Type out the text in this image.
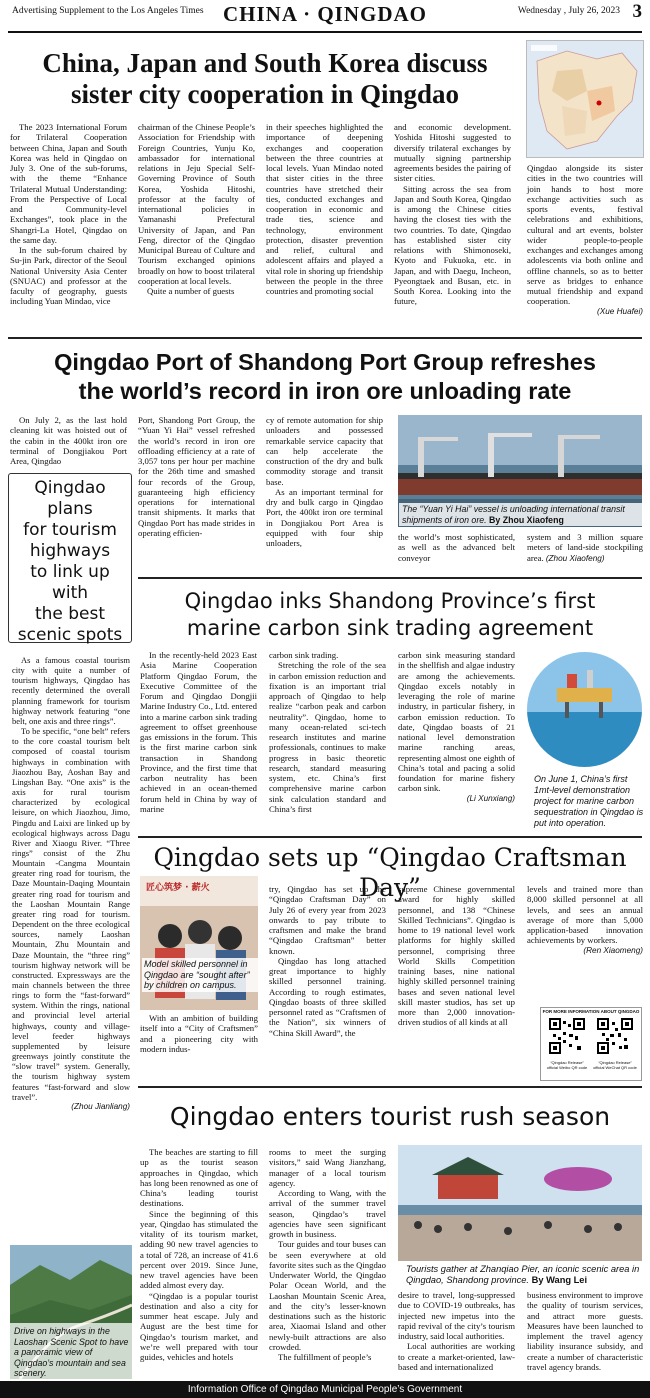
Advertising Supplement to the Los Angeles Times CHINA · QINGDAO	Wednesday , July 26, 2023 3
China, Japan and South Korea discuss
sister city cooperation in Qingdao

The 2023 International Forum for Trilateral Cooperation between China, Japan and South Korea was held in Qingdao on July 3. One of the sub-forums, with the theme “Enhance Trilateral Mutual Understanding: From the Perspective of Local and Community-level Exchanges”, took place in the Shangri-La Hotel, Qingdao on the same day.

In the sub-forum chaired by Su-jin Park, director of the Seoul National University Asia Center (SNUAC) and professor at the faculty of geography, guests including Yuan Mindao, vice

chairman of the Chinese People’s Association for Friendship with Foreign Countries, Yunju Ko, ambassador for international relations in Jeju Special Self-Governing Province of South Korea, Yoshida Hitoshi, professor at the faculty of international policies in Yamanashi Prefectural University of Japan, and Pan Feng, director of the Qingdao Municipal Bureau of Culture and Tourism exchanged opinions broadly on how to boost trilateral cooperation at local levels.

Quite a number of guests

in their speeches highlighted the importance of deepening exchanges and cooperation between the three countries at local levels. Yuan Mindao noted that sister cities in the three countries have stretched their ties, conducted exchanges and cooperation in economic and trade ties, science and technology, environment protection, disaster prevention and relief, cultural and adolescent affairs and played a vital role in shoring up friendship between the people in the three countries and promoting social

and economic development. Yoshida Hitoshi suggested to diversify trilateral exchanges by mutually signing partnership agreements besides the pairing of sister cities.

Sitting across the sea from Japan and South Korea, Qingdao is among the Chinese cities having the closest ties with the two countries. To date, Qingdao has established sister city relations with Shimonoseki, Kyoto and Fukuoka, etc. in Japan, and with Daegu, Incheon, Pyeongtaek and Busan, etc. in South Korea. Looking into the future,

Qingdao alongside its sister cities in the two countries will join hands to host more exchange activities such as sports events, festival celebrations and exhibitions, cultural and art events, bolster wider people-to-people exchanges and exchanges among adolescents via both online and offline channels, so as to better serve as bridges to enhance mutual friendship and expand cooperation.

(Xue Huafei)
Qingdao Port of Shandong Port Group refreshes
the world’s record in iron ore unloading rate

On July 2, as the last hold cleaning kit was hoisted out of the cabin in the 400kt iron ore terminal of Dongjiakou Port Area, Qingdao

Port, Shandong Port Group, the “Yuan Yi Hai” vessel refreshed the world’s record in iron ore offloading efficiency at a rate of 3,057 tons per hour per machine for the 26th time and smashed four records of the Group, guaranteeing high efficiency operations for international transit shipments. It marks that Qingdao Port has made strides in operating efficien-

cy of remote automation for ship unloaders and possessed remarkable service capacity that can help accelerate the construction of the dry and bulk commodity storage and transit base.

As an important terminal for dry and bulk cargo in Qingdao Port, the 400kt iron ore terminal in Dongjiakou Port Area is equipped with four ship unloaders,

The “Yuan Yi Hai” vessel is unloading international transit shipments of iron ore. By Zhou Xiaofeng

the world’s most sophisticated, as well as the advanced belt conveyor

system and 3 million square meters of land-side stockpiling area. (Zhou Xiaofeng)

Qingdao
plans
for tourism
highways
to link up
with
the best
scenic spots

As a famous coastal tourism city with quite a number of tourism highways, Qingdao has recently determined the overall planning framework for tourism highway network featuring “one belt, one axis and three rings”.

To be specific, “one belt” refers to the core coastal tourism belt composed of coastal tourism highways in combination with Jiaozhou Bay, Aoshan Bay and Lingshan Bay. “One axis” is the axis for rural tourism characterized by ecological leisure, on which Jiaozhou, Jimo, Pingdu and Laixi are linked up by ecological highways across Dagu River and Xiaogu River. “Three rings” consist of the Zhu Mountain -Cangma Mountain greater ring road for tourism, the Daze Mountain-Daqing Mountain greater ring road for tourism and the Laoshan Mountain Range greater ring road for tourism. Dependent on the three ecological sources, namely Laoshan Mountain, Zhu Mountain and Daze Mountain, the “three ring” tourism highway network will be constructed. Expressways are the main channels between the three rings to form the “fast-forward” system. Within the rings, national and provincial level arterial highways, county and village-level feeder highways supplemented by leisure greenways jointly constitute the “slow travel” system. Generally, the tourism highway system features “fast-forward and slow travel”.

(Zhou Jianliang)
Drive on highways in the Laoshan Scenic Spot to have a panoramic view of Qingdao’s mountain and sea scenery.
Qingdao inks Shandong Province’s first
marine carbon sink trading agreement

In the recently-held 2023 East Asia Marine Cooperation Platform Qingdao Forum, the Executive Committee of the Forum and Qingdao Dongjii Marine Industry Co., Ltd. entered into a marine carbon sink trading agreement to offset greenhouse gas emissions in the forum. This is the first marine carbon sink transaction in Shandong Province, and the first time that carbon neutrality has been achieved in an ocean-themed forum held in China by way of marine

carbon sink trading.

Stretching the role of the sea in carbon emission reduction and fixation is an important trial approach of Qingdao to help realize “carbon peak and carbon neutrality”. Qingdao, home to many ocean-related sci-tech research institutes and marine professionals, continues to make progress in basic theoretic research, standard measuring system, etc. China’s first comprehensive marine carbon sink calculation standard and China’s first

carbon sink measuring standard in the shellfish and algae industry are among the achievements. Qingdao excels notably in leveraging the role of marine industry, in particular fishery, in carbon emission reduction. To date, Qingdao boasts of 21 national level demonstration marine ranching areas, representing almost one eighth of China’s total and pacing a solid foundation for marine fishery carbon sink.

(Li Xunxiang)
On June 1, China’s first 1mt-level demonstration project for marine carbon sequestration in Qingdao is put into operation.
Qingdao sets up “Qingdao Craftsman Day”
匠心筑梦 · 薪火
Model skilled personnel in Qingdao are “sought after” by children on campus.

With an ambition of building itself into a “City of Craftsmen” and a pioneering city with modern indus-

try, Qingdao has set up the “Qingdao Craftsman Day” on July 26 of every year from 2023 onwards to pay tribute to craftsmen and make the brand “Qingdao Craftsman” better known.

Qingdao has long attached great importance to highly skilled personnel training. According to rough estimates, Qingdao boasts of three skilled personnel rated as “Craftsmen of the Nation”, six winners of “China Skill Award”, the

supreme Chinese governmental award for highly skilled personnel, and 138 “Chinese Skilled Technicians”. Qingdao is home to 19 national level work platforms for highly skilled personnel, comprising three World Skills Competition training bases, nine national highly skilled personnel training bases and seven national level skill master studios, has set up more than 2,000 innovation-driven studios of all kinds at all

levels and trained more than 8,000 skilled personnel at all levels, and sees an annual average of more than 5,000 application-based innovation achievements by workers.

(Ren Xiaomeng)
FOR MORE INFORMATION ABOUT QINGDAO
“Qingdao Release” official Weibo QR code
“Qingdao Release” official WeChat QR code
Qingdao enters tourist rush season

The beaches are starting to fill up as the tourist season approaches in Qingdao, which has long been renowned as one of China’s leading tourist destinations.

Since the beginning of this year, Qingdao has stimulated the vitality of its tourism market, adding 90 new travel agencies to a total of 728, an increase of 41.6 percent over 2019. Since June, new travel agencies have been added almost every day.

“Qingdao is a popular tourist destination and also a city for summer heat escape. July and August are the best time for Qingdao’s tourism market, and we’re well prepared with tour guides, vehicles and hotels

rooms to meet the surging visitors,” said Wang Jianzhang, manager of a local tourism agency.

According to Wang, with the arrival of the summer travel season, Qingdao’s travel agencies have seen significant growth in business.

Tour guides and tour buses can be seen everywhere at old favorite sites such as the Qingdao Underwater World, the Qingdao Polar Ocean World, and the Laoshan Mountain Scenic Area, and the city’s lesser-known destinations such as the historic area, Xiaomai Island and other newly-built attractions are also crowded.

The fulfillment of people’s

Tourists gather at Zhanqiao Pier, an iconic scenic area in Qingdao, Shandong province. By Wang Lei

desire to travel, long-suppressed due to COVID-19 outbreaks, has injected new impetus into the rapid revival of the city’s tourism industry, said local authorities.

Local authorities are working to create a market-oriented, law-based and internationalized

business environment to improve the quality of tourism services, and attract more guests. Measures have been launched to implement the travel agency liability insurance subsidy, and create a number of characteristic travel agency brands.

Information Office of Qingdao Municipal People’s Government
